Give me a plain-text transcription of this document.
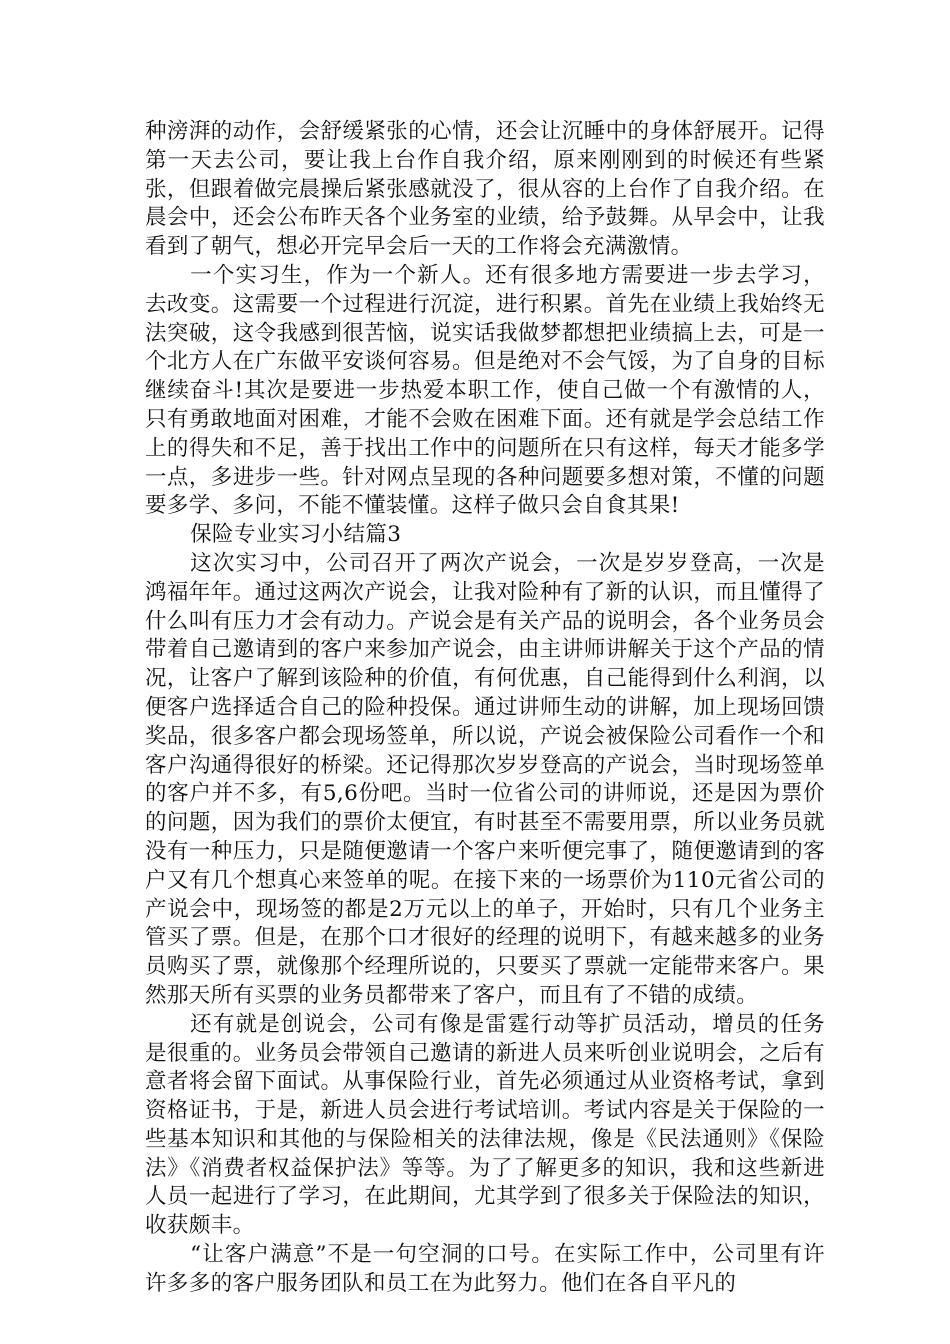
种滂湃的动作，会舒缓紧张的心情，还会让沉睡中的身体舒展开。记得第一天去公司，要让我上台作自我介绍，原来刚刚到的时候还有些紧张，但跟着做完晨操后紧张感就没了，很从容的上台作了自我介绍。在晨会中，还会公布昨天各个业务室的业绩，给予鼓舞。从早会中，让我看到了朝气，想必开完早会后一天的工作将会充满激情。

一个实习生，作为一个新人。还有很多地方需要进一步去学习，去改变。这需要一个过程进行沉淀，进行积累。首先在业绩上我始终无法突破，这令我感到很苦恼，说实话我做梦都想把业绩搞上去，可是一个北方人在广东做平安谈何容易。但是绝对不会气馁，为了自身的目标继续奋斗!其次是要进一步热爱本职工作，使自己做一个有激情的人，只有勇敢地面对困难，才能不会败在困难下面。还有就是学会总结工作上的得失和不足，善于找出工作中的问题所在只有这样，每天才能多学一点，多进步一些。针对网点呈现的各种问题要多想对策，不懂的问题要多学、多问，不能不懂装懂。这样子做只会自食其果!

保险专业实习小结篇3

这次实习中，公司召开了两次产说会，一次是岁岁登高，一次是鸿福年年。通过这两次产说会，让我对险种有了新的认识，而且懂得了什么叫有压力才会有动力。产说会是有关产品的说明会，各个业务员会带着自己邀请到的客户来参加产说会，由主讲师讲解关于这个产品的情况，让客户了解到该险种的价值，有何优惠，自己能得到什么利润，以便客户选择适合自己的险种投保。通过讲师生动的讲解，加上现场回馈奖品，很多客户都会现场签单，所以说，产说会被保险公司看作一个和客户沟通得很好的桥梁。还记得那次岁岁登高的产说会，当时现场签单的客户并不多，有5,6份吧。当时一位省公司的讲师说，还是因为票价的问题，因为我们的票价太便宜，有时甚至不需要用票，所以业务员就没有一种压力，只是随便邀请一个客户来听便完事了，随便邀请到的客户又有几个想真心来签单的呢。在接下来的一场票价为110元省公司的产说会中，现场签的都是2万元以上的单子，开始时，只有几个业务主管买了票。但是，在那个口才很好的经理的说明下，有越来越多的业务员购买了票，就像那个经理所说的，只要买了票就一定能带来客户。果然那天所有买票的业务员都带来了客户，而且有了不错的成绩。

还有就是创说会，公司有像是雷霆行动等扩员活动，增员的任务是很重的。业务员会带领自己邀请的新进人员来听创业说明会，之后有意者将会留下面试。从事保险行业，首先必须通过从业资格考试，拿到资格证书，于是，新进人员会进行考试培训。考试内容是关于保险的一些基本知识和其他的与保险相关的法律法规，像是《民法通则》《保险法》《消费者权益保护法》等等。为了了解更多的知识，我和这些新进人员一起进行了学习，在此期间，尤其学到了很多关于保险法的知识，收获颇丰。

“让客户满意”不是一句空洞的口号。在实际工作中，公司里有许许多多的客户服务团队和员工在为此努力。他们在各自平凡的
